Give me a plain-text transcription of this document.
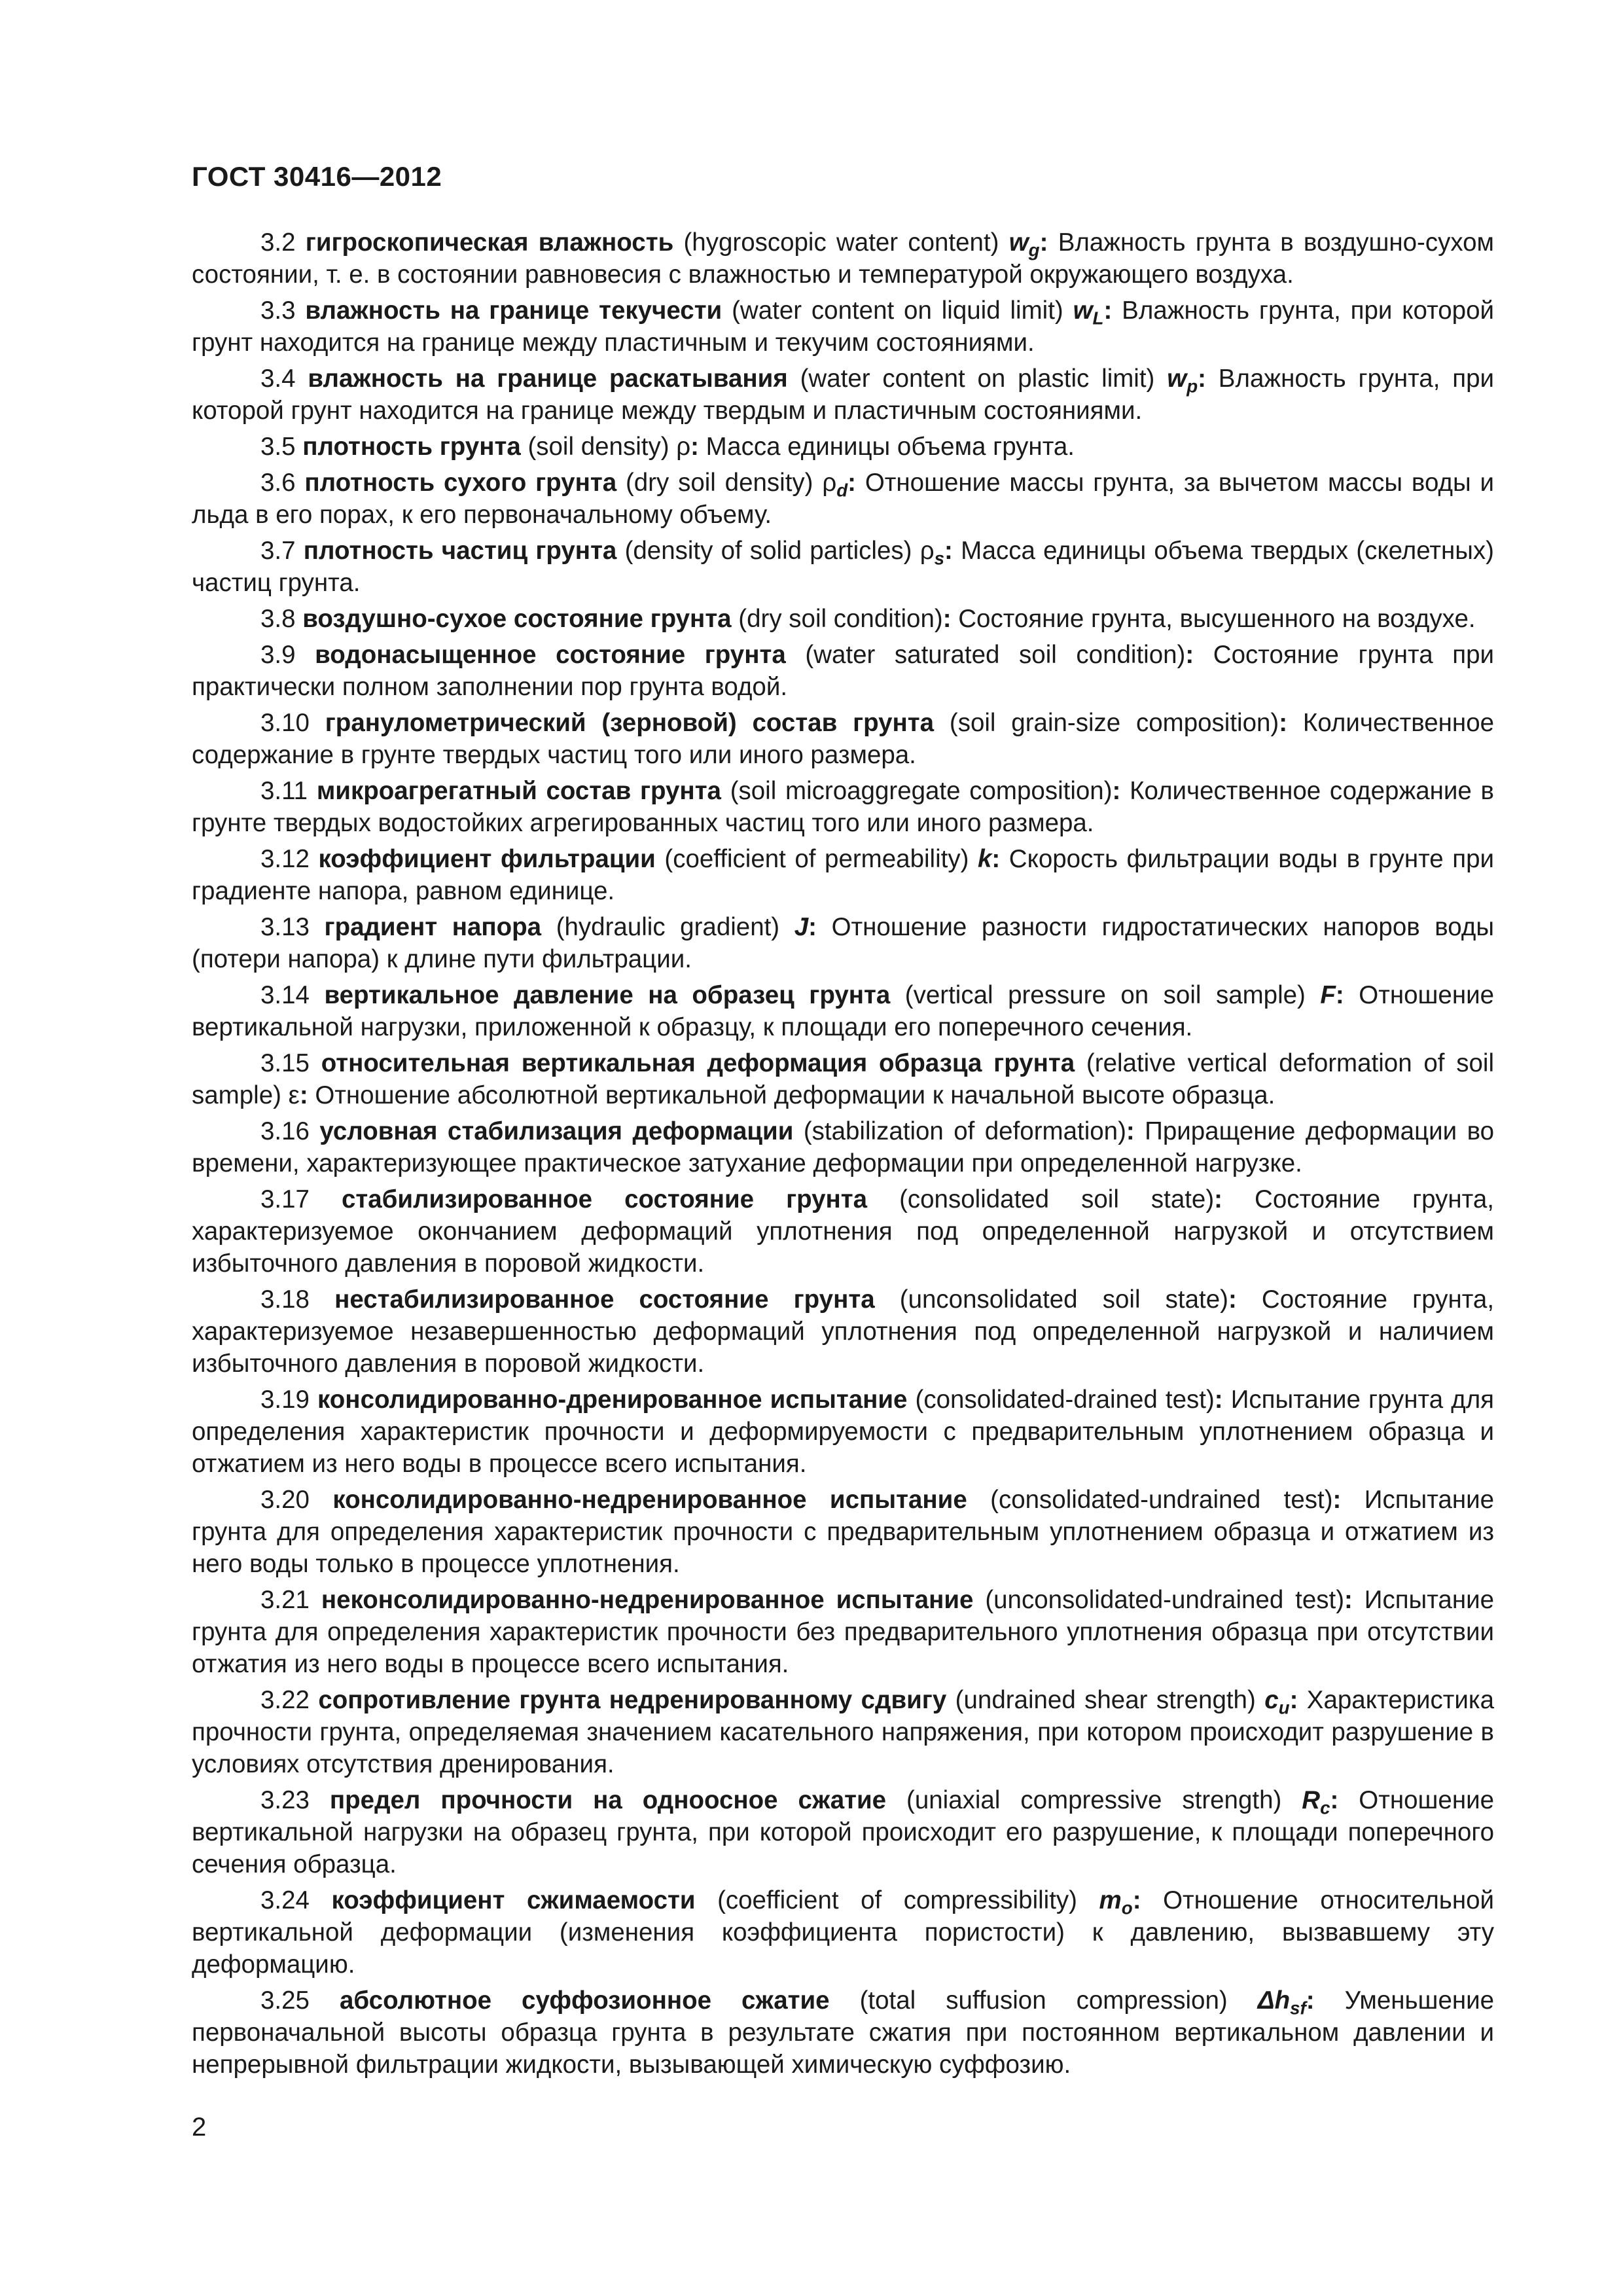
ГОСТ 30416—2012

3.2 гигроскопическая влажность (hygroscopic water content) $w_g$: Влажность грунта в воздушно-сухом состоянии, т. е. в состоянии равновесия с влажностью и температурой окружающего воздуха.

3.3 влажность на границе текучести (water content on liquid limit) $w_L$: Влажность грунта, при которой грунт находится на границе между пластичным и текучим состояниями.

3.4 влажность на границе раскатывания (water content on plastic limit) $w_p$: Влажность грунта, при которой грунт находится на границе между твердым и пластичным состояниями.

3.5 плотность грунта (soil density) ρ: Масса единицы объема грунта.

3.6 плотность сухого грунта (dry soil density) $\rho_d$: Отношение массы грунта, за вычетом массы воды и льда в его порах, к его первоначальному объему.

3.7 плотность частиц грунта (density of solid particles) $\rho_s$: Масса единицы объема твердых (скелетных) частиц грунта.

3.8 воздушно-сухое состояние грунта (dry soil condition): Состояние грунта, высушенного на воздухе.

3.9 водонасыщенное состояние грунта (water saturated soil condition): Состояние грунта при практически полном заполнении пор грунта водой.

3.10 гранулометрический (зерновой) состав грунта (soil grain-size composition): Количественное содержание в грунте твердых частиц того или иного размера.

3.11 микроагрегатный состав грунта (soil microaggregate composition): Количественное содержание в грунте твердых водостойких агрегированных частиц того или иного размера.

3.12 коэффициент фильтрации (coefficient of permeability) k: Скорость фильтрации воды в грунте при градиенте напора, равном единице.

3.13 градиент напора (hydraulic gradient) J: Отношение разности гидростатических напоров воды (потери напора) к длине пути фильтрации.

3.14 вертикальное давление на образец грунта (vertical pressure on soil sample) F: Отношение вертикальной нагрузки, приложенной к образцу, к площади его поперечного сечения.

3.15 относительная вертикальная деформация образца грунта (relative vertical deformation of soil sample) ε: Отношение абсолютной вертикальной деформации к начальной высоте образца.

3.16 условная стабилизация деформации (stabilization of deformation): Приращение деформации во времени, характеризующее практическое затухание деформации при определенной нагрузке.

3.17 стабилизированное состояние грунта (consolidated soil state): Состояние грунта, характеризуемое окончанием деформаций уплотнения под определенной нагрузкой и отсутствием избыточного давления в поровой жидкости.

3.18 нестабилизированное состояние грунта (unconsolidated soil state): Состояние грунта, характеризуемое незавершенностью деформаций уплотнения под определенной нагрузкой и наличием избыточного давления в поровой жидкости.

3.19 консолидированно-дренированное испытание (consolidated-drained test): Испытание грунта для определения характеристик прочности и деформируемости с предварительным уплотнением образца и отжатием из него воды в процессе всего испытания.

3.20 консолидированно-недренированное испытание (consolidated-undrained test): Испытание грунта для определения характеристик прочности с предварительным уплотнением образца и отжатием из него воды только в процессе уплотнения.

3.21 неконсолидированно-недренированное испытание (unconsolidated-undrained test): Испытание грунта для определения характеристик прочности без предварительного уплотнения образца при отсутствии отжатия из него воды в процессе всего испытания.

3.22 сопротивление грунта недренированному сдвигу (undrained shear strength) $c_u$: Характеристика прочности грунта, определяемая значением касательного напряжения, при котором происходит разрушение в условиях отсутствия дренирования.

3.23 предел прочности на одноосное сжатие (uniaxial compressive strength) $R_c$: Отношение вертикальной нагрузки на образец грунта, при которой происходит его разрушение, к площади поперечного сечения образца.

3.24 коэффициент сжимаемости (coefficient of compressibility) $m_o$: Отношение относительной вертикальной деформации (изменения коэффициента пористости) к давлению, вызвавшему эту деформацию.

3.25 абсолютное суффозионное сжатие (total suffusion compression) $\Delta h_{sf}$: Уменьшение первоначальной высоты образца грунта в результате сжатия при постоянном вертикальном давлении и непрерывной фильтрации жидкости, вызывающей химическую суффозию.

2
